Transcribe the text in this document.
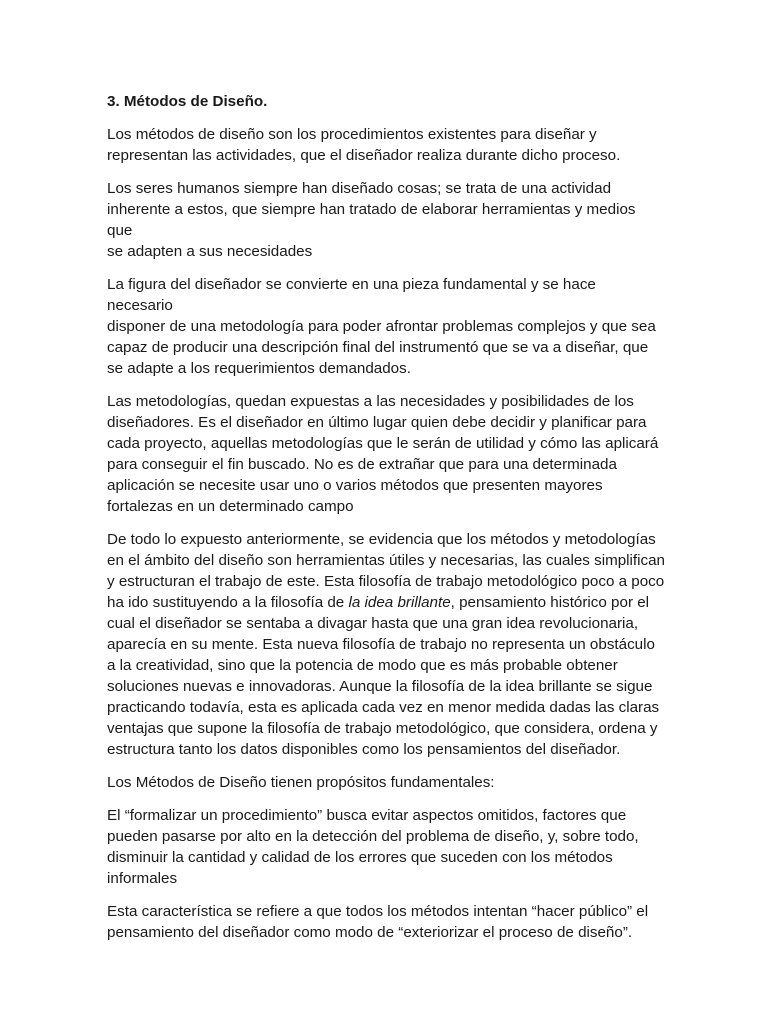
3. Métodos de Diseño.

Los métodos de diseño son los procedimientos existentes para diseñar y
representan las actividades, que el diseñador realiza durante dicho proceso.

Los seres humanos siempre han diseñado cosas; se trata de una actividad
inherente a estos, que siempre han tratado de elaborar herramientas y medios que
se adapten a sus necesidades

La figura del diseñador se convierte en una pieza fundamental y se hace necesario
disponer de una metodología para poder afrontar problemas complejos y que sea
capaz de producir una descripción final del instrumentó que se va a diseñar, que
se adapte a los requerimientos demandados.

Las metodologías, quedan expuestas a las necesidades y posibilidades de los
diseñadores. Es el diseñador en último lugar quien debe decidir y planificar para
cada proyecto, aquellas metodologías que le serán de utilidad y cómo las aplicará
para conseguir el fin buscado. No es de extrañar que para una determinada
aplicación se necesite usar uno o varios métodos que presenten mayores
fortalezas en un determinado campo

De todo lo expuesto anteriormente, se evidencia que los métodos y metodologías
en el ámbito del diseño son herramientas útiles y necesarias, las cuales simplifican
y estructuran el trabajo de este. Esta filosofía de trabajo metodológico poco a poco
ha ido sustituyendo a la filosofía de la idea brillante, pensamiento histórico por el
cual el diseñador se sentaba a divagar hasta que una gran idea revolucionaria,
aparecía en su mente. Esta nueva filosofía de trabajo no representa un obstáculo
a la creatividad, sino que la potencia de modo que es más probable obtener
soluciones nuevas e innovadoras. Aunque la filosofía de la idea brillante se sigue
practicando todavía, esta es aplicada cada vez en menor medida dadas las claras
ventajas que supone la filosofía de trabajo metodológico, que considera, ordena y
estructura tanto los datos disponibles como los pensamientos del diseñador.

Los Métodos de Diseño tienen propósitos fundamentales:

El “formalizar un procedimiento” busca evitar aspectos omitidos, factores que
pueden pasarse por alto en la detección del problema de diseño, y, sobre todo,
disminuir la cantidad y calidad de los errores que suceden con los métodos
informales

Esta característica se refiere a que todos los métodos intentan “hacer público” el
pensamiento del diseñador como modo de “exteriorizar el proceso de diseño”.
